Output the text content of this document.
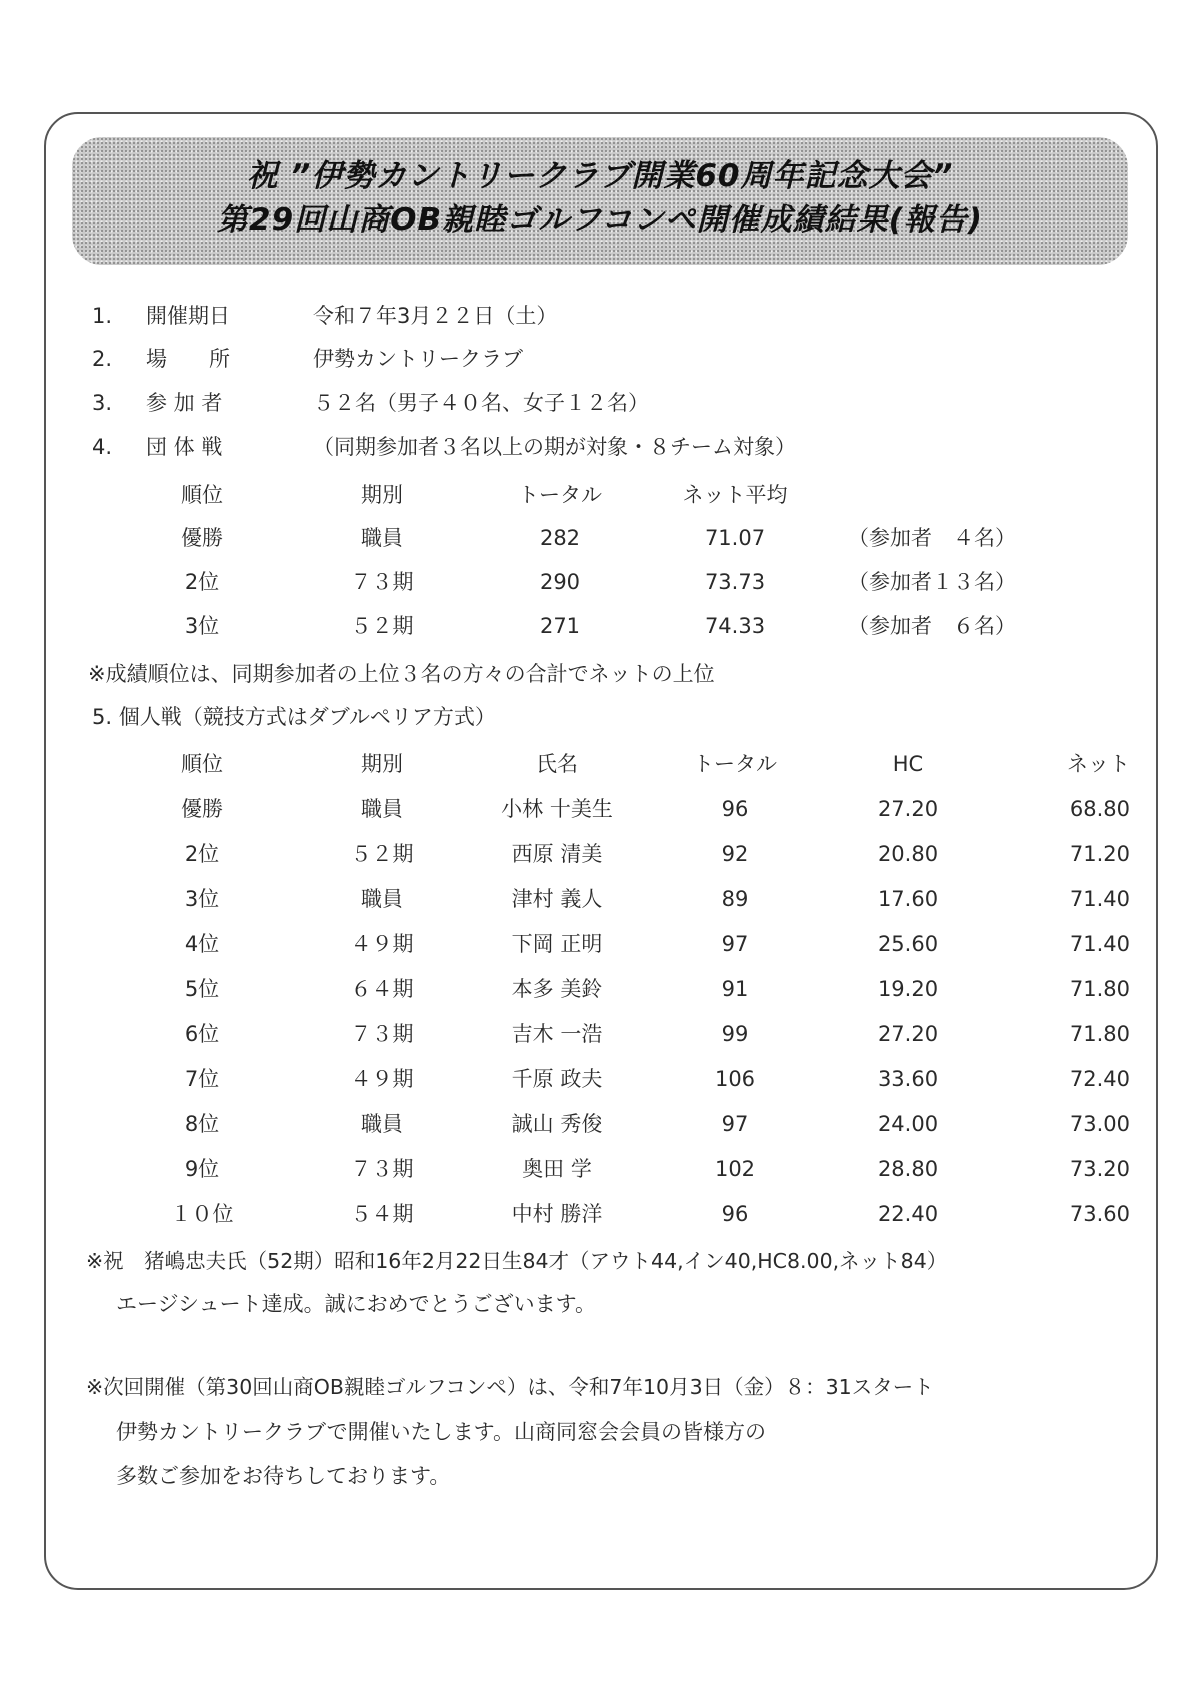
祝 ”伊勢カントリークラブ開業60周年記念大会”
第29回山商OB親睦ゴルフコンペ開催成績結果(報告)
1. 開催期日	令和７年3月２２日（土）
2. 場　　所	伊勢カントリークラブ
3. 参 加 者	５２名（男子４０名、女子１２名）
4. 団 体 戦	（同期参加者３名以上の期が対象・８チーム対象）
順位	期別	トータル	ネット平均
優勝	職員	282	71.07	（参加者　４名）
2位	７３期	290	73.73	（参加者１３名）
3位	５２期	271	74.33	（参加者　６名）
※成績順位は、同期参加者の上位３名の方々の合計でネットの上位
5. 個人戦（競技方式はダブルペリア方式）
順位	期別	氏名	トータル	HC	ネット
優勝	職員	小林 十美生	96	27.20	68.80
2位	５２期	西原 清美	92	20.80	71.20
3位	職員	津村 義人	89	17.60	71.40
4位	４９期	下岡 正明	97	25.60	71.40
5位	６４期	本多 美鈴	91	19.20	71.80
6位	７３期	吉木 一浩	99	27.20	71.80
7位	４９期	千原 政夫	106	33.60	72.40
8位	職員	誠山 秀俊	97	24.00	73.00
9位	７３期	奥田 学	102	28.80	73.20
１０位	５４期	中村 勝洋	96	22.40	73.60
※祝　猪嶋忠夫氏（52期）昭和16年2月22日生84才（アウト44,イン40,HC8.00,ネット84）
エージシュート達成。誠におめでとうございます。
※次回開催（第30回山商OB親睦ゴルフコンペ）は、令和7年10月3日（金）８：31スタート
伊勢カントリークラブで開催いたします。山商同窓会会員の皆様方の
多数ご参加をお待ちしております。
